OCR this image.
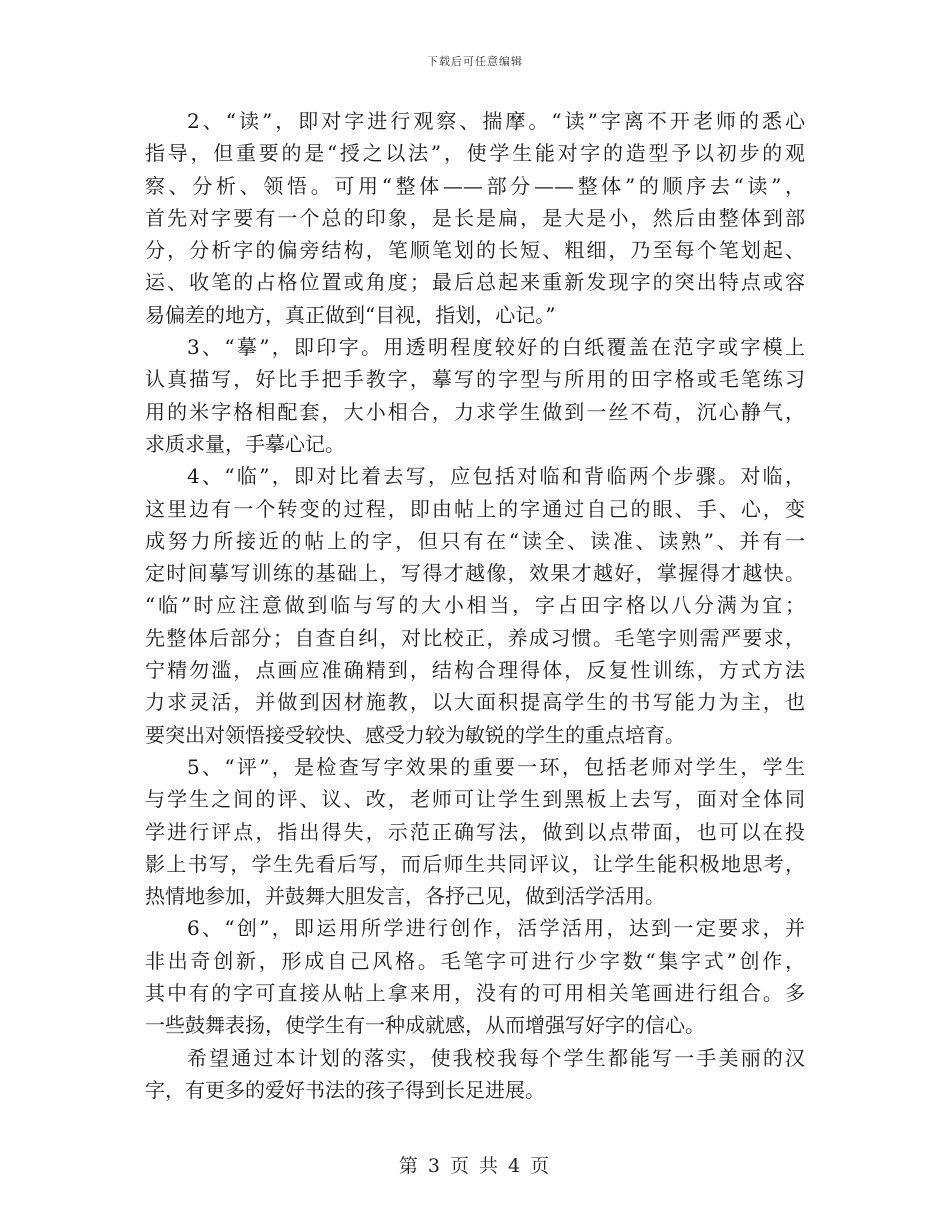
下载后可任意编辑
2、“读”，即对字进行观察、揣摩。“读”字离不开老师的悉心
指导，但重要的是“授之以法”，使学生能对字的造型予以初步的观
察、分析、领悟。可用“整体——部分——整体”的顺序去“读”，
首先对字要有一个总的印象，是长是扁，是大是小，然后由整体到部
分，分析字的偏旁结构，笔顺笔划的长短、粗细，乃至每个笔划起、
运、收笔的占格位置或角度；最后总起来重新发现字的突出特点或容
易偏差的地方，真正做到“目视，指划，心记。”
3、“摹”，即印字。用透明程度较好的白纸覆盖在范字或字模上
认真描写，好比手把手教字，摹写的字型与所用的田字格或毛笔练习
用的米字格相配套，大小相合，力求学生做到一丝不苟，沉心静气，
求质求量，手摹心记。
4、“临”，即对比着去写，应包括对临和背临两个步骤。对临，
这里边有一个转变的过程，即由帖上的字通过自己的眼、手、心，变
成努力所接近的帖上的字，但只有在“读全、读准、读熟”、并有一
定时间摹写训练的基础上，写得才越像，效果才越好，掌握得才越快。
“临”时应注意做到临与写的大小相当，字占田字格以八分满为宜；
先整体后部分；自查自纠，对比校正，养成习惯。毛笔字则需严要求，
宁精勿滥，点画应准确精到，结构合理得体，反复性训练，方式方法
力求灵活，并做到因材施教，以大面积提高学生的书写能力为主，也
要突出对领悟接受较快、感受力较为敏锐的学生的重点培育。
5、“评”，是检查写字效果的重要一环，包括老师对学生，学生
与学生之间的评、议、改，老师可让学生到黑板上去写，面对全体同
学进行评点，指出得失，示范正确写法，做到以点带面，也可以在投
影上书写，学生先看后写，而后师生共同评议，让学生能积极地思考，
热情地参加，并鼓舞大胆发言，各抒己见，做到活学活用。
6、“创”，即运用所学进行创作，活学活用，达到一定要求，并
非出奇创新，形成自己风格。毛笔字可进行少字数“集字式”创作，
其中有的字可直接从帖上拿来用，没有的可用相关笔画进行组合。多
一些鼓舞表扬，使学生有一种成就感，从而增强写好字的信心。
希望通过本计划的落实，使我校我每个学生都能写一手美丽的汉
字，有更多的爱好书法的孩子得到长足进展。
第 3 页 共 4 页
